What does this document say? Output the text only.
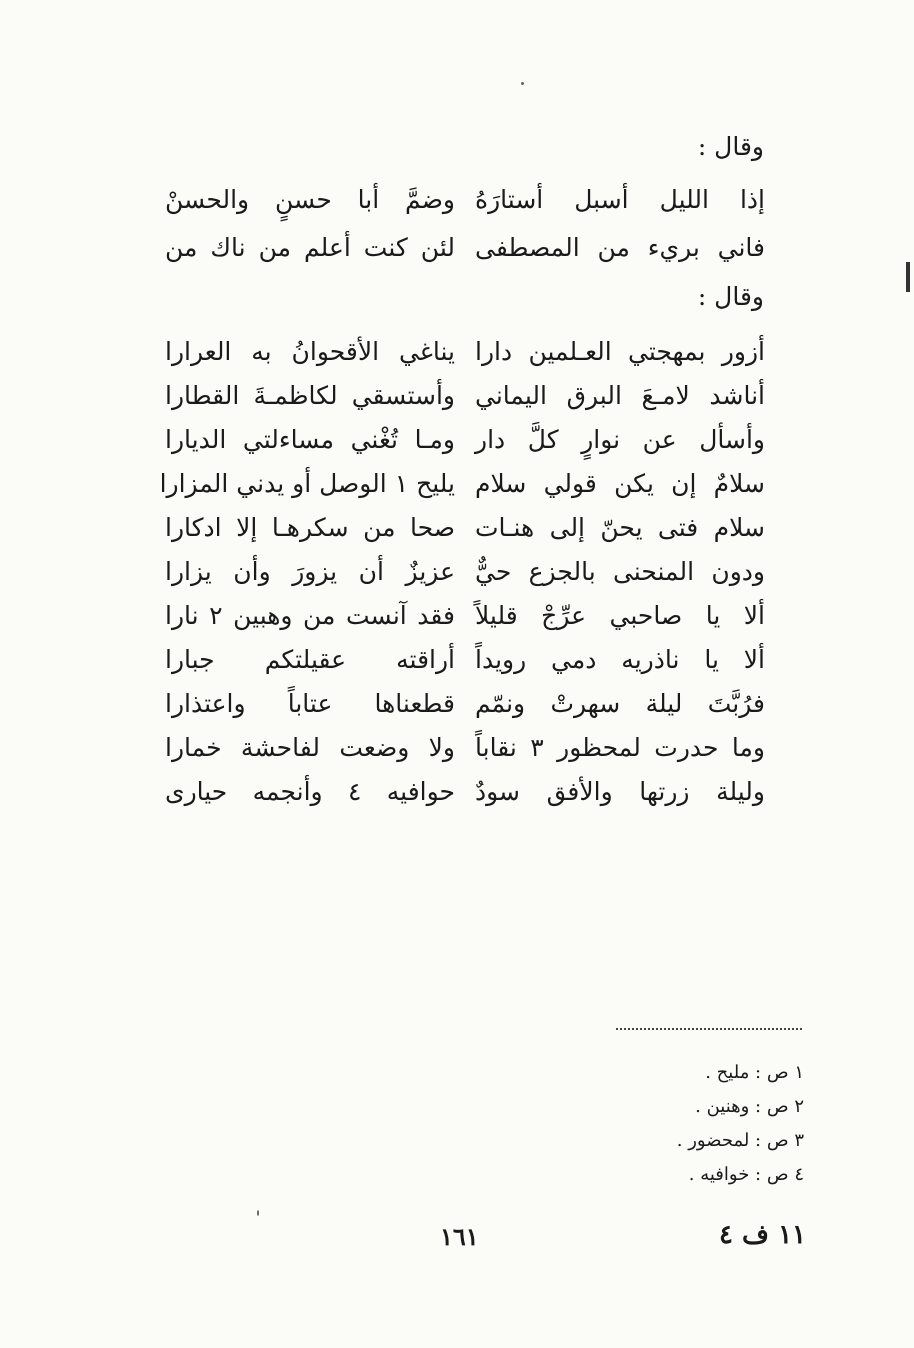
وقال :
إذا الليل أسبل أستارَهُ
وضمَّ أبا حسنٍ والحسنْ
فاني بريء من المصطفى
لئن كنت أعلم من ناك من
وقال :
أزور بمهجتي العـلمين دارا
يناغي الأقحوانُ به العرارا
أناشد لامـعَ البرق اليماني
وأستسقي لكاظمـةَ القطارا
وأسأل عن نوارٍ كلَّ دار
ومـا تُغْني مساءلتي الديارا
سلامٌ إن يكن قولي سلام
يليح ١ الوصل أو يدني المزارا
سلام فتى يحنّ إلى هنـات
صحا من سكرهـا إلا ادكارا
ودون المنحنى بالجزع حيٌّ
عزيزٌ أن يزورَ وأن يزارا
ألا يا صاحبي عرِّجْ قليلاً
فقد آنست من وهبين ٢ نارا
ألا يا ناذريه دمي رويداً
أراقته عقيلتكم جبارا
فرُبَّتَ ليلة سهرتْ ونمّم
قطعناها عتاباً واعتذارا
وما حدرت لمحظور ٣ نقاباً
ولا وضعت لفاحشة خمارا
وليلة زرتها والأفق سودٌ
حوافيه ٤ وأنجمه حيارى
١ ص : مليح .
٢ ص : وهنين .
٣ ص : لمحضور .
٤ ص : خوافيه .
١٦١	١١ ف ٤
